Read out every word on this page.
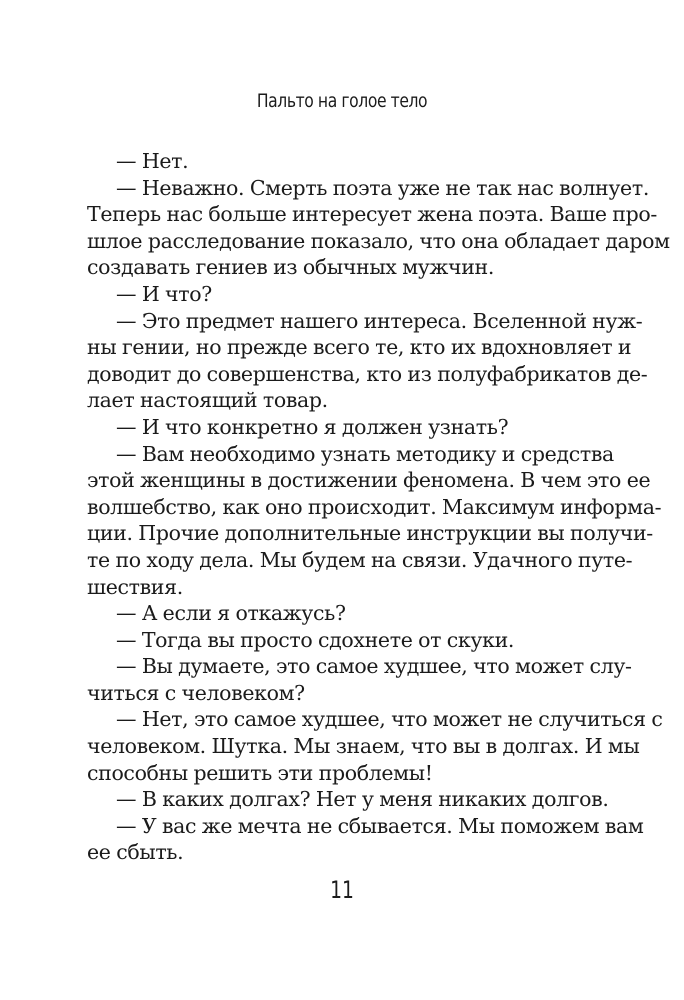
Пальто на голое тело
— Нет.
— Неважно. Смерть поэта уже не так нас волнует.
Теперь нас больше интересует жена поэта. Ваше про-
шлое расследование показало, что она обладает даром
создавать гениев из обычных мужчин.
— И что?
— Это предмет нашего интереса. Вселенной нуж-
ны гении, но прежде всего те, кто их вдохновляет и
доводит до совершенства, кто из полуфабрикатов де-
лает настоящий товар.
— И что конкретно я должен узнать?
— Вам необходимо узнать методику и средства
этой женщины в достижении феномена. В чем это ее
волшебство, как оно происходит. Максимум информа-
ции. Прочие дополнительные инструкции вы получи-
те по ходу дела. Мы будем на связи. Удачного путе-
шествия.
— А если я откажусь?
— Тогда вы просто сдохнете от скуки.
— Вы думаете, это самое худшее, что может слу-
читься с человеком?
— Нет, это самое худшее, что может не случиться с
человеком. Шутка. Мы знаем, что вы в долгах. И мы
способны решить эти проблемы!
— В каких долгах? Нет у меня никаких долгов.
— У вас же мечта не сбывается. Мы поможем вам
ее сбыть.
11
